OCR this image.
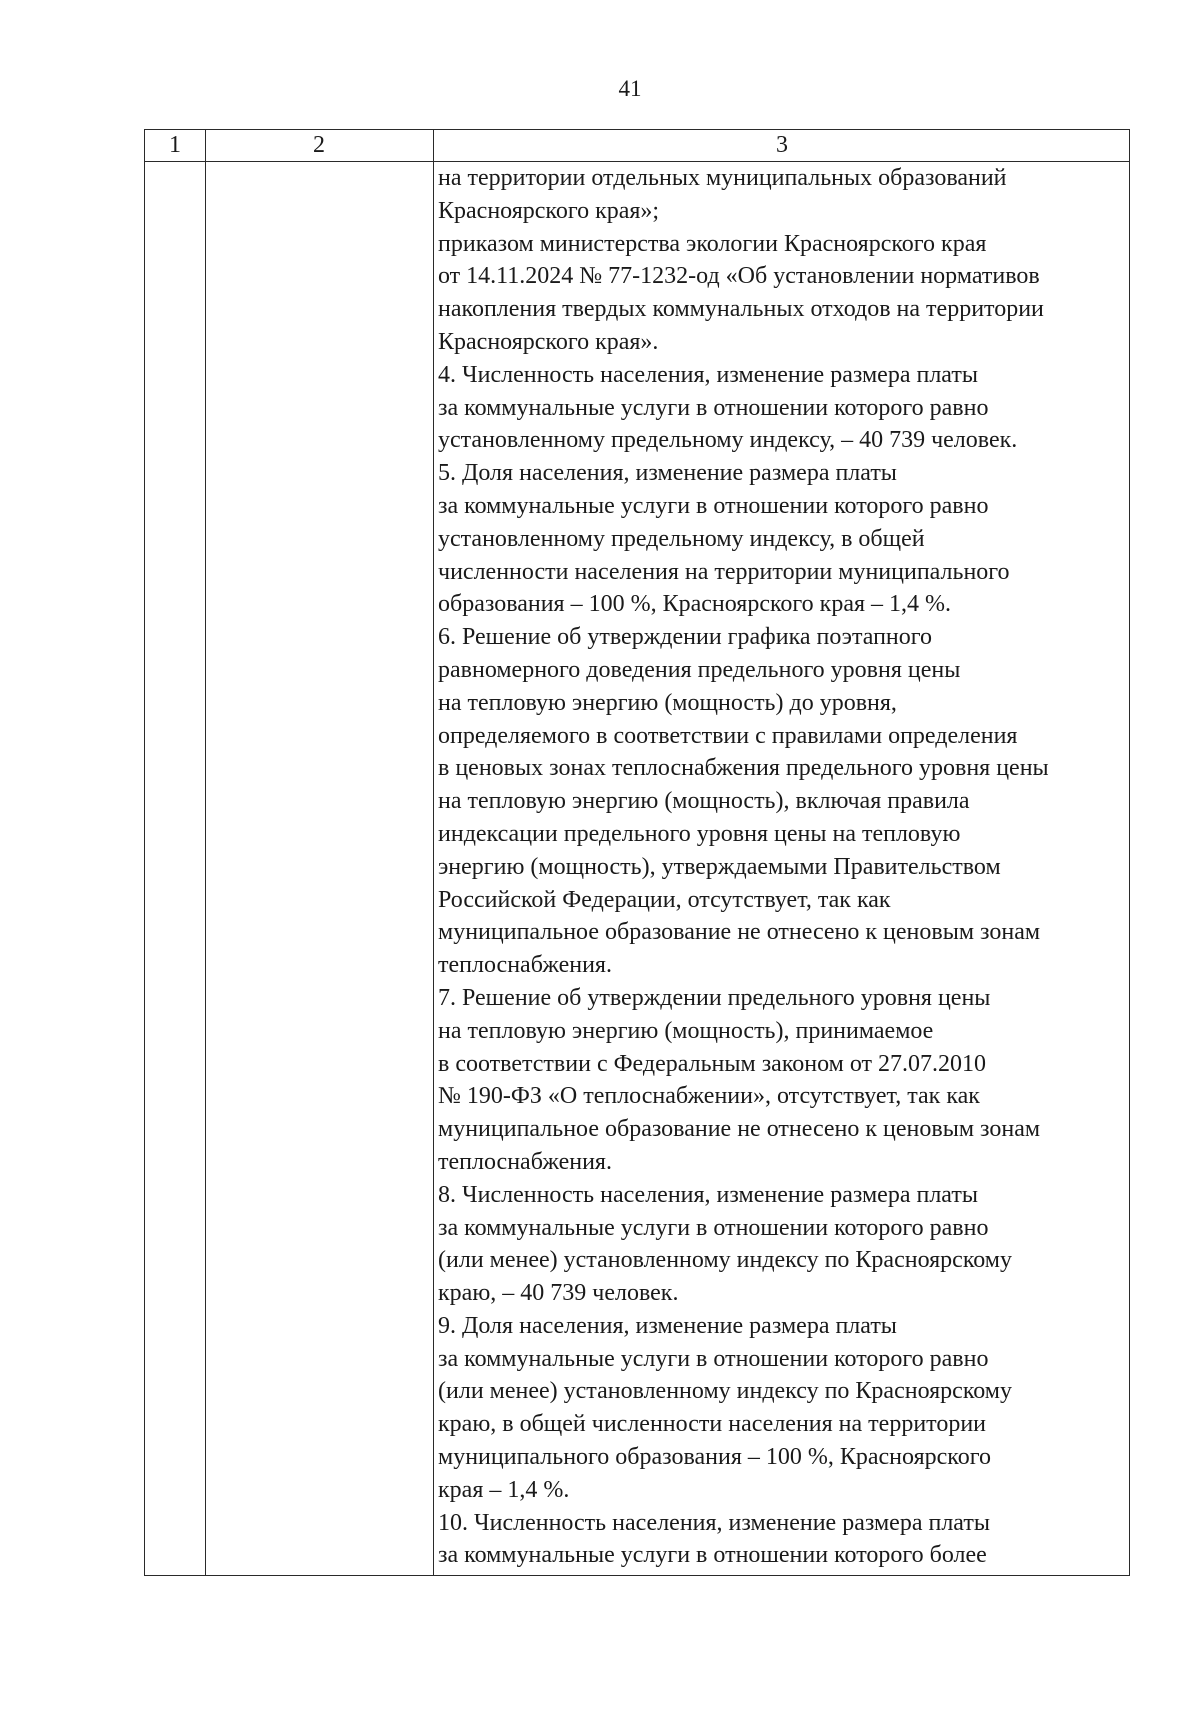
41
1	2	3
на территории отдельных муниципальных образований
Красноярского края»;
приказом министерства экологии Красноярского края
от 14.11.2024 № 77-1232-од «Об установлении нормативов
накопления твердых коммунальных отходов на территории
Красноярского края».
4. Численность населения, изменение размера платы
за коммунальные услуги в отношении которого равно
установленному предельному индексу, – 40 739 человек.
5. Доля населения, изменение размера платы
за коммунальные услуги в отношении которого равно
установленному предельному индексу, в общей
численности населения на территории муниципального
образования – 100 %, Красноярского края – 1,4 %.
6. Решение об утверждении графика поэтапного
равномерного доведения предельного уровня цены
на тепловую энергию (мощность) до уровня,
определяемого в соответствии с правилами определения
в ценовых зонах теплоснабжения предельного уровня цены
на тепловую энергию (мощность), включая правила
индексации предельного уровня цены на тепловую
энергию (мощность), утверждаемыми Правительством
Российской Федерации, отсутствует, так как
муниципальное образование не отнесено к ценовым зонам
теплоснабжения.
7. Решение об утверждении предельного уровня цены
на тепловую энергию (мощность), принимаемое
в соответствии с Федеральным законом от 27.07.2010
№ 190-ФЗ «О теплоснабжении», отсутствует, так как
муниципальное образование не отнесено к ценовым зонам
теплоснабжения.
8. Численность населения, изменение размера платы
за коммунальные услуги в отношении которого равно
(или менее) установленному индексу по Красноярскому
краю, – 40 739 человек.
9. Доля населения, изменение размера платы
за коммунальные услуги в отношении которого равно
(или менее) установленному индексу по Красноярскому
краю, в общей численности населения на территории
муниципального образования – 100 %, Красноярского
края – 1,4 %.
10. Численность населения, изменение размера платы
за коммунальные услуги в отношении которого более
